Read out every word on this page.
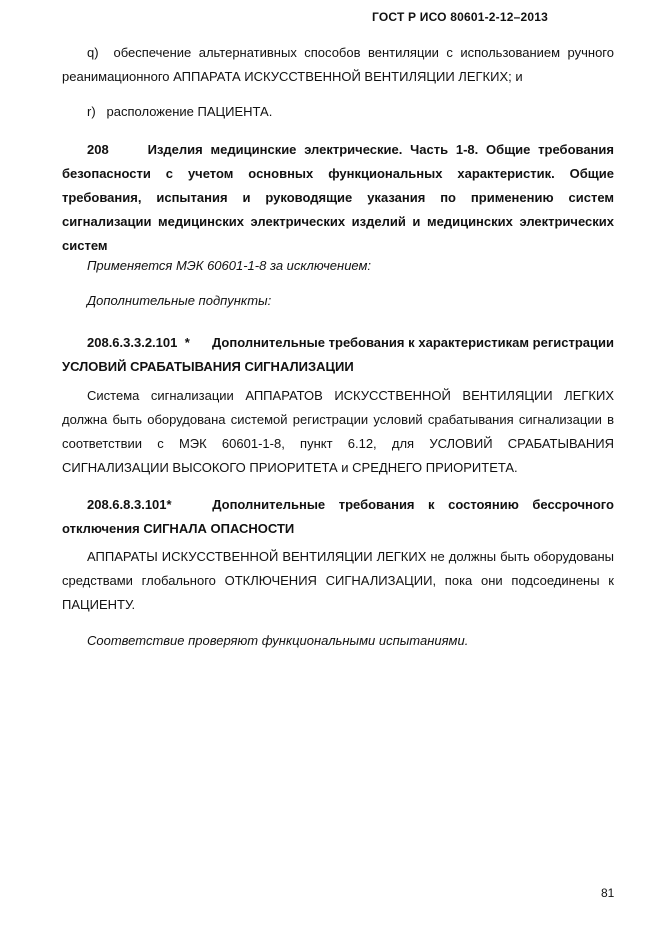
ГОСТ Р ИСО 80601-2-12–2013
q) обеспечение альтернативных способов вентиляции с использованием ручного реанимационного АППАРАТА ИСКУССТВЕННОЙ ВЕНТИЛЯЦИИ ЛЕГКИХ; и
r) расположение ПАЦИЕНТА.
208	Изделия медицинские электрические. Часть 1-8. Общие требования безопасности с учетом основных функциональных характеристик. Общие требования, испытания и руководящие указания по применению систем сигнализации медицинских электрических изделий и медицинских электрических систем
Применяется МЭК 60601-1-8 за исключением:
Дополнительные подпункты:
208.6.3.3.2.101 * Дополнительные требования к характеристикам регистрации УСЛОВИЙ СРАБАТЫВАНИЯ СИГНАЛИЗАЦИИ
Система сигнализации АППАРАТОВ ИСКУССТВЕННОЙ ВЕНТИЛЯЦИИ ЛЕГКИХ должна быть оборудована системой регистрации условий срабатывания сигнализации в соответствии с МЭК 60601-1-8, пункт 6.12, для УСЛОВИЙ СРАБАТЫВАНИЯ СИГНАЛИЗАЦИИ ВЫСОКОГО ПРИОРИТЕТА и СРЕДНЕГО ПРИОРИТЕТА.
208.6.8.3.101*	Дополнительные требования к состоянию бессрочного отключения СИГНАЛА ОПАСНОСТИ
АППАРАТЫ ИСКУССТВЕННОЙ ВЕНТИЛЯЦИИ ЛЕГКИХ не должны быть оборудованы средствами глобального ОТКЛЮЧЕНИЯ СИГНАЛИЗАЦИИ, пока они подсоединены к ПАЦИЕНТУ.
Соответствие проверяют функциональными испытаниями.
81
